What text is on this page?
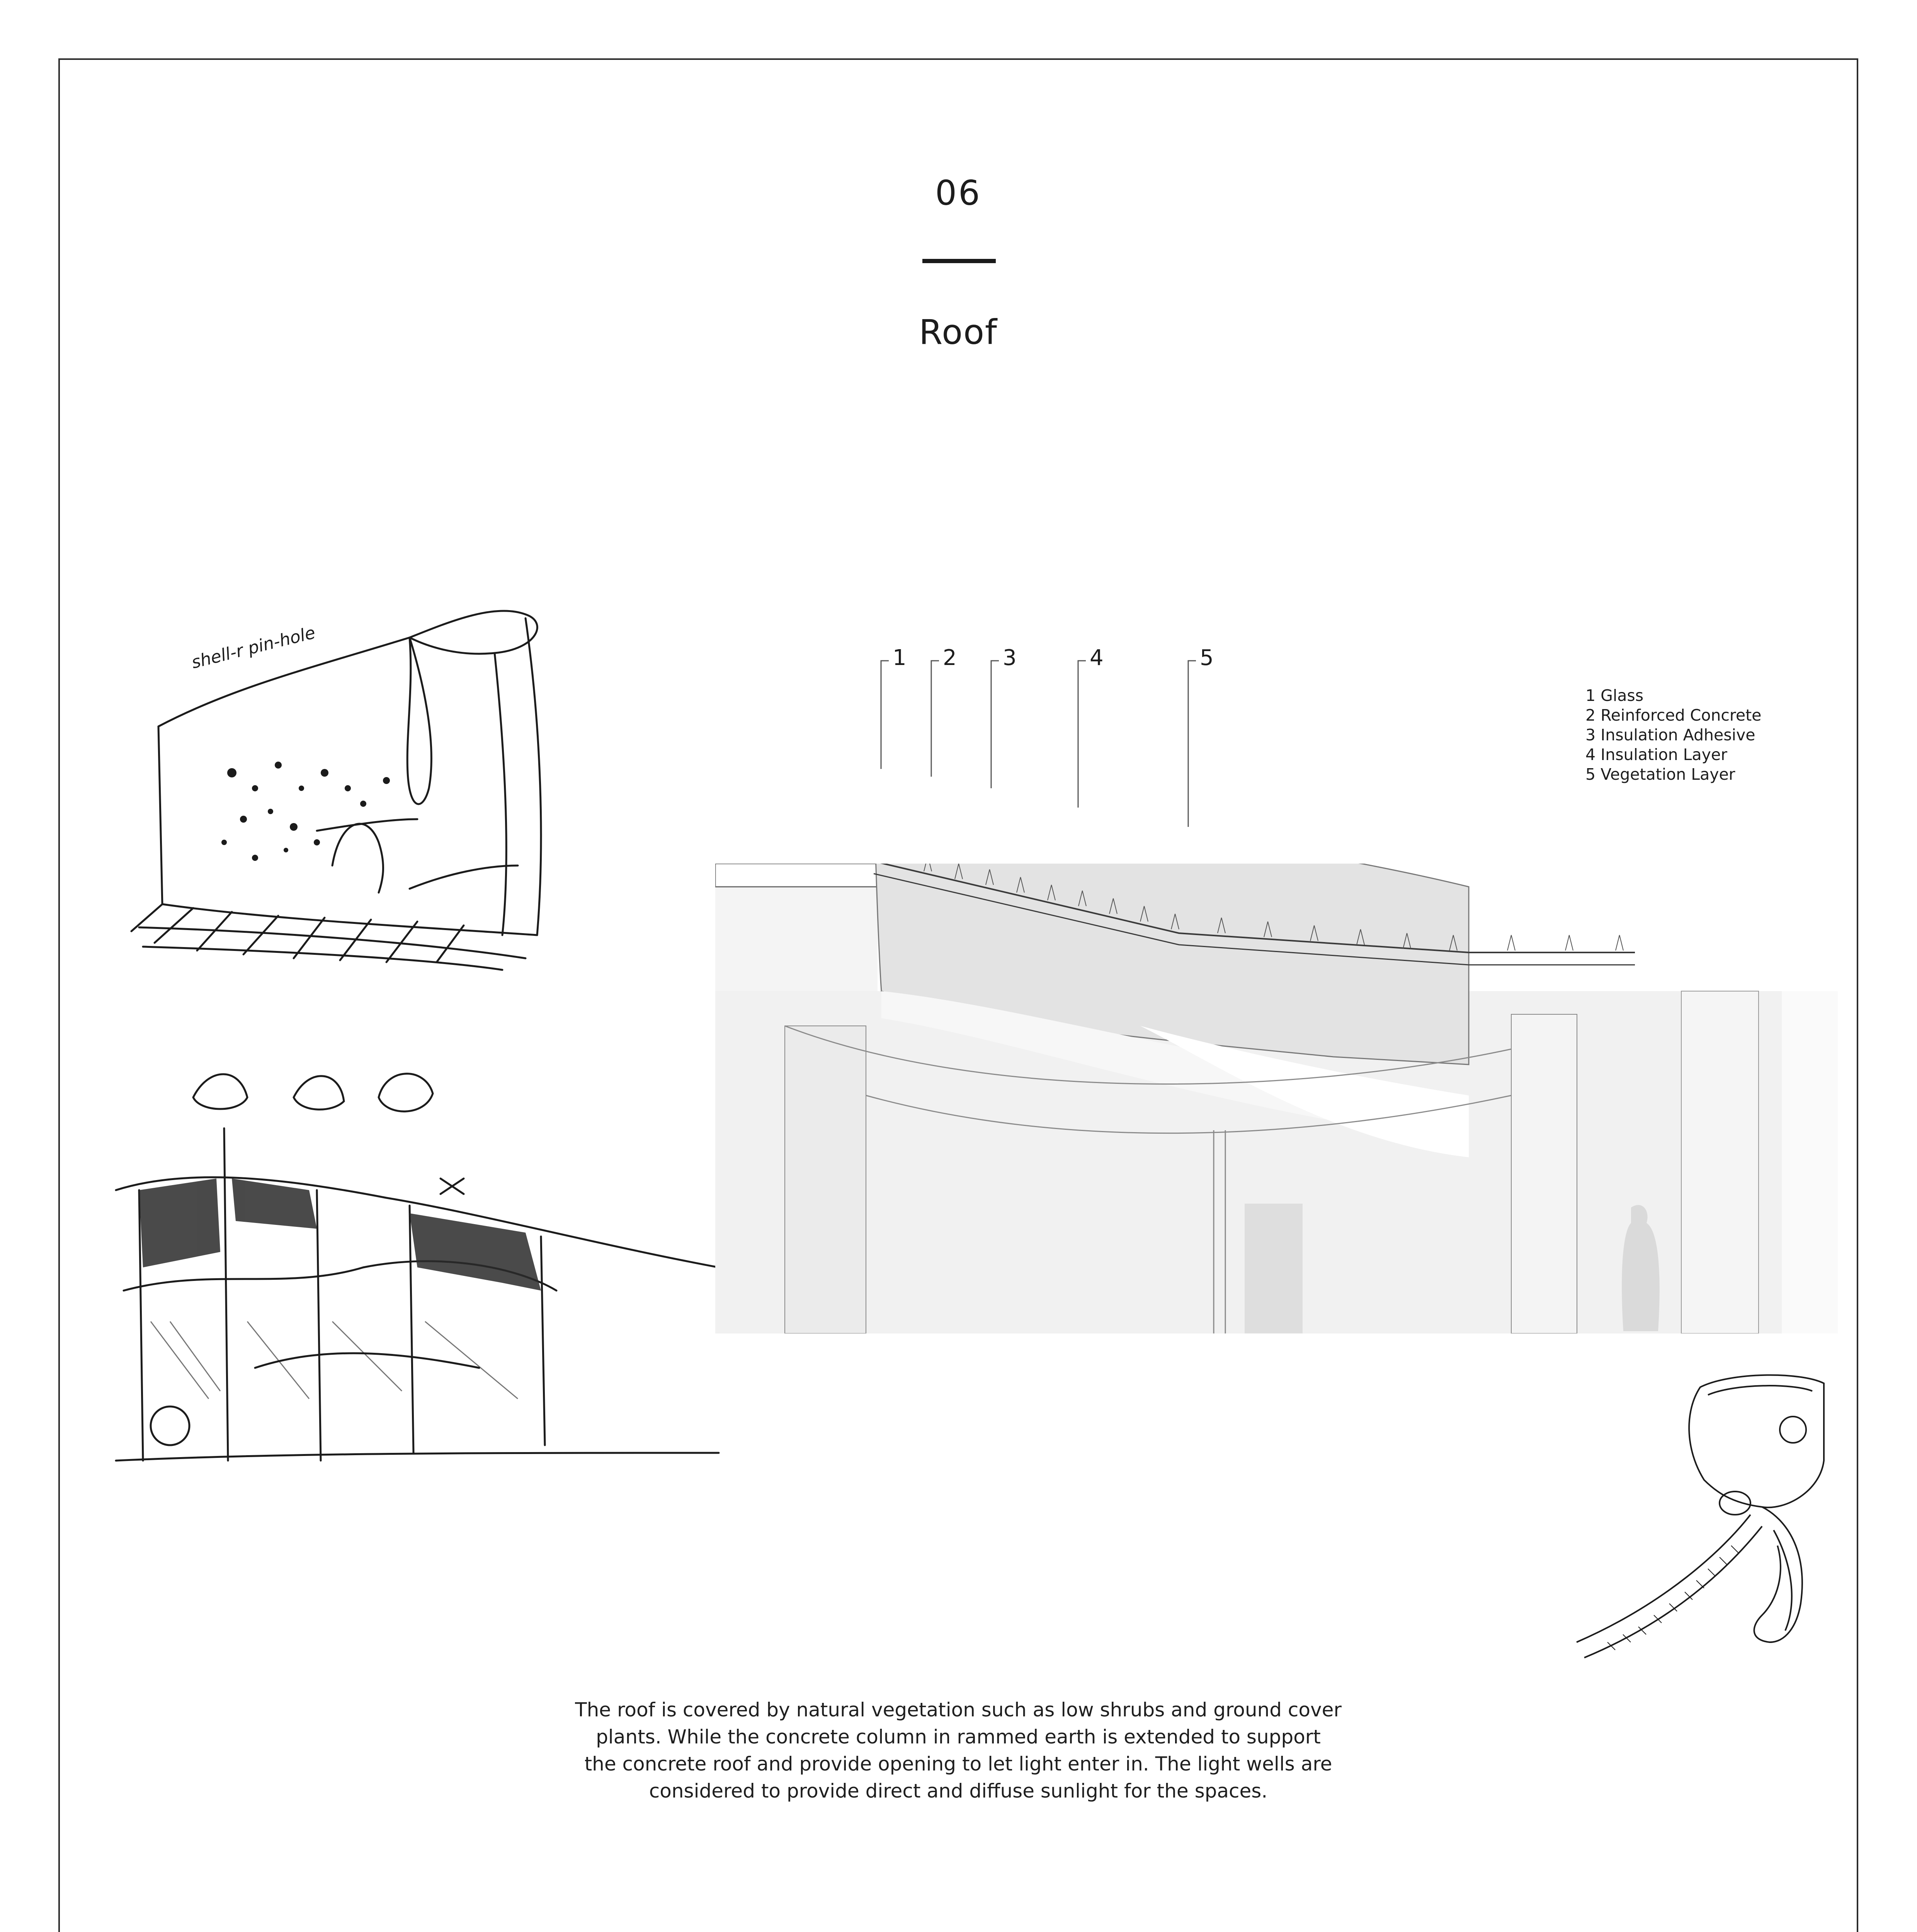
06
Roof
shell-r pin-hole	1 2 3	4	5
1 Glass
2 Reinforced Concrete
3 Insulation Adhesive
4 Insulation Layer
5 Vegetation Layer
The roof is covered by natural vegetation such as low shrubs and ground cover
plants. While the concrete column in rammed earth is extended to support
the concrete roof and provide opening to let light enter in. The light wells are
considered to provide direct and diffuse sunlight for the spaces.
